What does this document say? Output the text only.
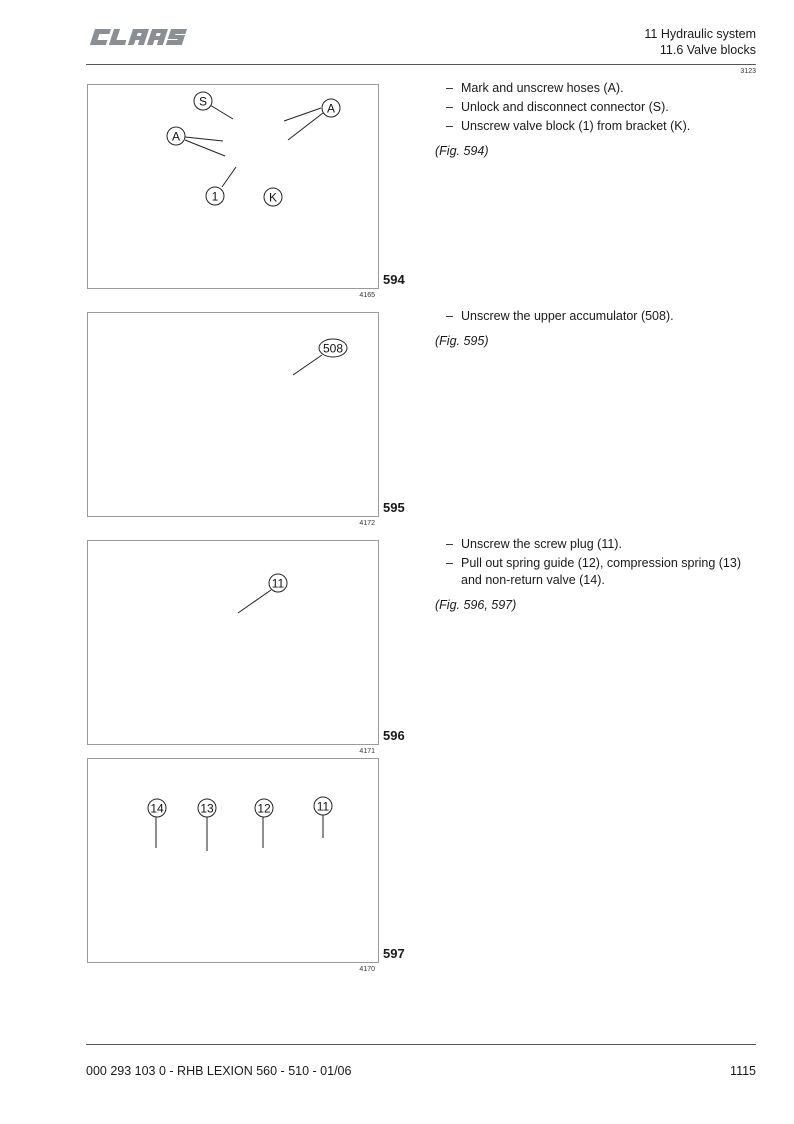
11 Hydraulic system
11.6 Valve blocks
3123
S	A
A
1	K
594
4165
– Mark and unscrew hoses (A).
– Unlock and disconnect connector (S).
– Unscrew valve block (1) from bracket (K).
(Fig. 594)
508
595
4172
– Unscrew the upper accumulator (508).
(Fig. 595)
11
596
4171
– Unscrew the screw plug (11).
– Pull out spring guide (12), compression spring (13) and non-return valve (14).
(Fig. 596, 597)
14	13	12	11
597
4170
000 293 103 0 - RHB LEXION 560 - 510 - 01/06	1115
